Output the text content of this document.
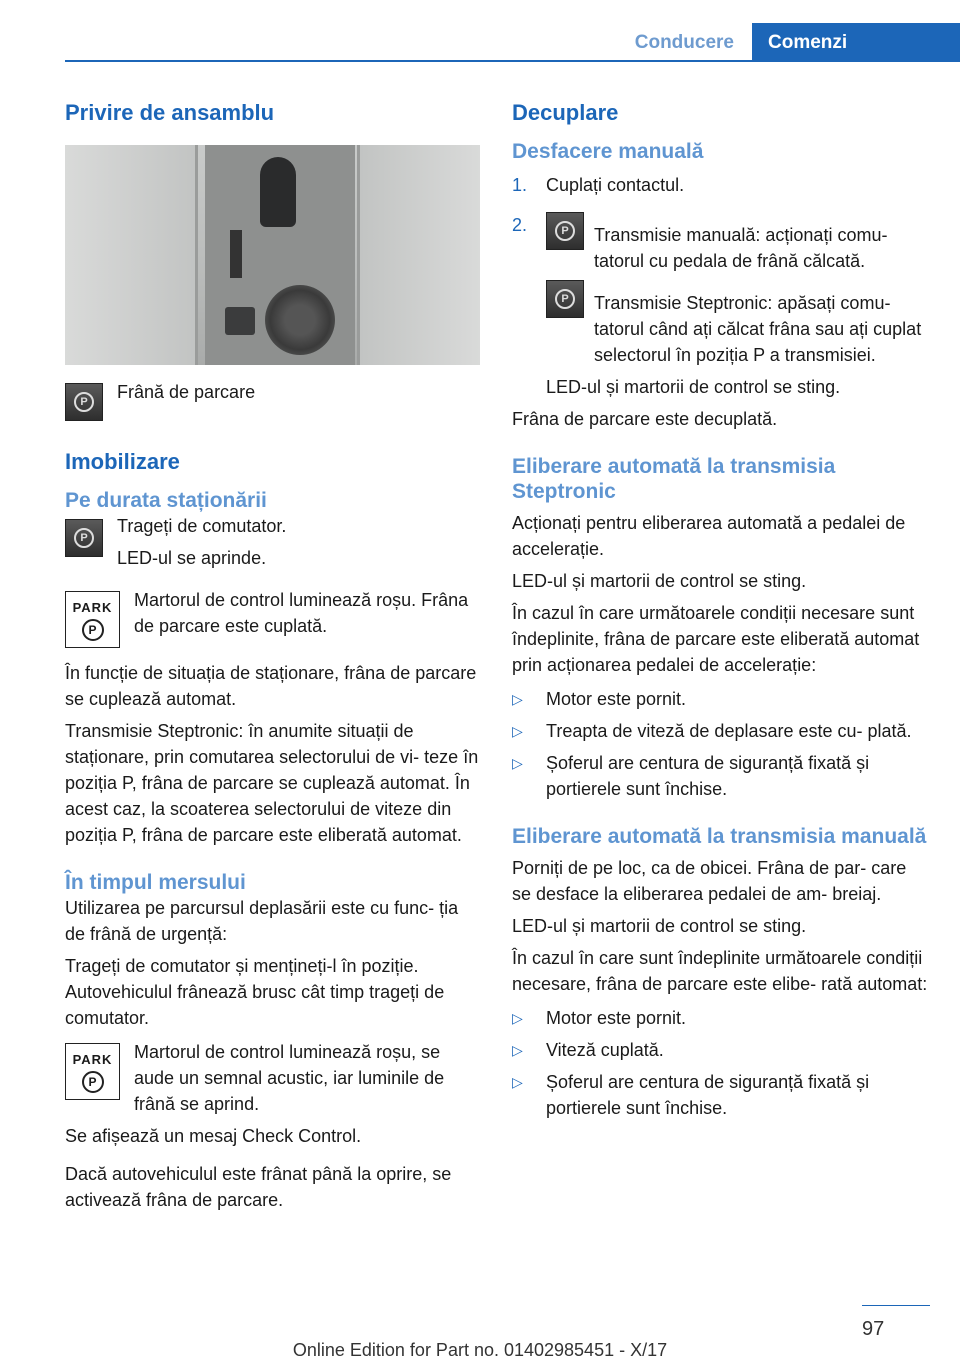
Conducere	Comenzi
Privire de ansamblu
P	Frână de parcare

Imobilizare
Pe durata staționării
P

Trageți de comutator.

LED-ul se aprinde.

PARK
P

Martorul de control luminează roșu. Frâna de parcare este cuplată.

În funcție de situația de staționare, frâna de parcare se cuplează automat.

Transmisie Steptronic: în anumite situații de staționare, prin comutarea selectorului de vi- teze în poziția P, frâna de parcare se cuplează automat. În acest caz, la scoaterea selectorului de viteze din poziția P, frâna de parcare este eliberată automat.

În timpul mersului

Utilizarea pe parcursul deplasării este cu func- ția de frână de urgență:

Trageți de comutator și mențineți-l în poziție. Autovehiculul frânează brusc cât timp trageți de comutator.

PARK
P

Martorul de control luminează roșu, se aude un semnal acustic, iar luminile de frână se aprind.

Se afișează un mesaj Check Control.

Dacă autovehiculul este frânat până la oprire, se activează frâna de parcare.

Decuplare
Desfacere manuală
1.	Cuplați contactul.

2.	P	Transmisie manuală: acționați comu- tatorul cu pedala de frână călcată.

P	Transmisie Steptronic: apăsați comu- tatorul când ați călcat frâna sau ați cuplat selectorul în poziția P a transmisiei.

LED-ul și martorii de control se sting.

Frâna de parcare este decuplată.

Eliberare automată la transmisia Steptronic

Acționați pentru eliberarea automată a pedalei de accelerație.

LED-ul și martorii de control se sting.

În cazul în care următoarele condiții necesare sunt îndeplinite, frâna de parcare este eliberată automat prin acționarea pedalei de accelerație:

▷	Motor este pornit.

▷	Treapta de viteză de deplasare este cu- plată.

▷	Șoferul are centura de siguranță fixată și portierele sunt închise.

Eliberare automată la transmisia manuală

Porniți de pe loc, ca de obicei. Frâna de par- care se desface la eliberarea pedalei de am- breiaj.

LED-ul și martorii de control se sting.

În cazul în care sunt îndeplinite următoarele condiții necesare, frâna de parcare este elibe- rată automat:

▷	Motor este pornit.

▷	Viteză cuplată.

▷	Șoferul are centura de siguranță fixată și portierele sunt închise.

97
Online Edition for Part no. 01402985451 - X/17
